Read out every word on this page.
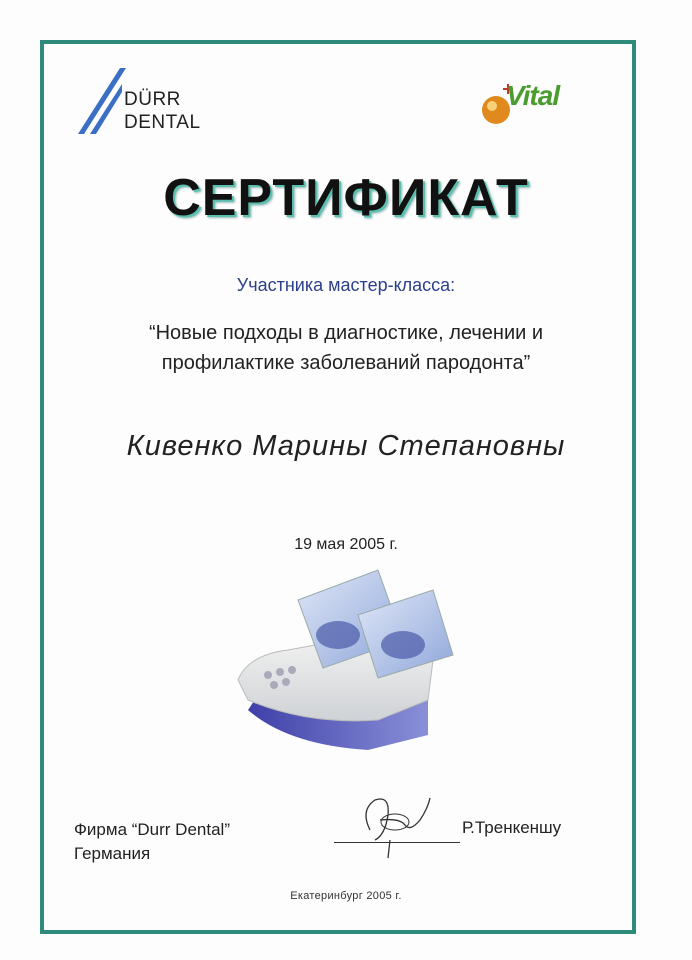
DÜRR
DENTAL
Vital
СЕРТИФИКАТ
Участника мастер-класса:
“Новые подходы в диагностике, лечении и
профилактике заболеваний пародонта”
Кивенко Марины Степановны
19 мая 2005 г.
Фирма “Durr Dental”
Германия
Р.Тренкеншу
Екатеринбург 2005 г.
